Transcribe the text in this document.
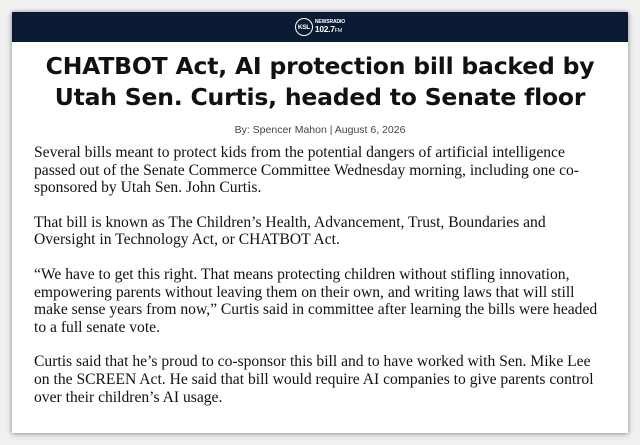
KSL
NEWSRADIO
102.7FM
CHATBOT Act, AI protection bill backed by Utah Sen. Curtis, headed to Senate floor
By: Spencer Mahon | August 6, 2026

Several bills meant to protect kids from the potential dangers of artificial intelligence passed out of the Senate Commerce Committee Wednesday morning, including one co-sponsored by Utah Sen. John Curtis.

That bill is known as The Children’s Health, Advancement, Trust, Boundaries and Oversight in Technology Act, or CHATBOT Act.

“We have to get this right. That means protecting children without stifling innovation, empowering parents without leaving them on their own, and writing laws that will still make sense years from now,” Curtis said in committee after learning the bills were headed to a full senate vote.

Curtis said that he’s proud to co-sponsor this bill and to have worked with Sen. Mike Lee on the SCREEN Act. He said that bill would require AI companies to give parents control over their children’s AI usage.
